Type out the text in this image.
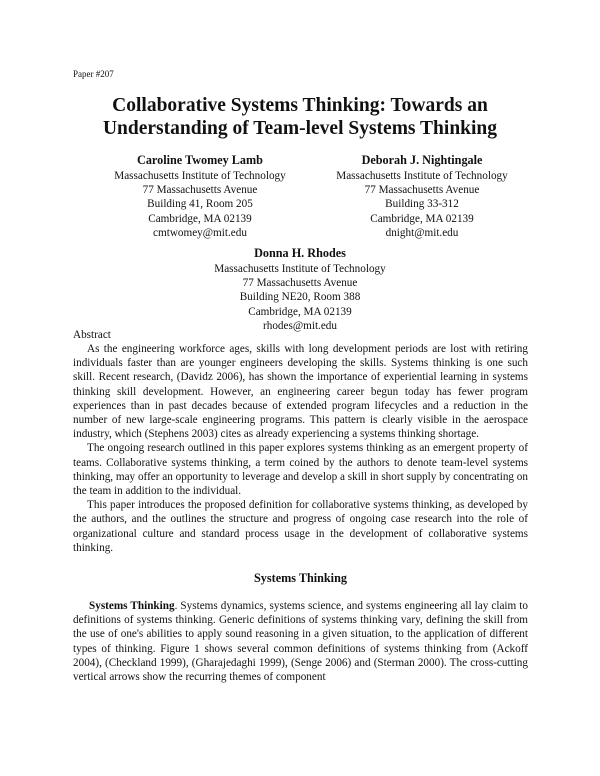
Paper #207
Collaborative Systems Thinking: Towards an
Understanding of Team-level Systems Thinking
Caroline Twomey Lamb
Massachusetts Institute of Technology
77 Massachusetts Avenue
Building 41, Room 205
Cambridge, MA 02139
cmtwomey@mit.edu
Deborah J. Nightingale
Massachusetts Institute of Technology
77 Massachusetts Avenue
Building 33-312
Cambridge, MA 02139
dnight@mit.edu
Donna H. Rhodes
Massachusetts Institute of Technology
77 Massachusetts Avenue
Building NE20, Room 388
Cambridge, MA 02139
rhodes@mit.edu
Abstract

As the engineering workforce ages, skills with long development periods are lost with retiring individuals faster than are younger engineers developing the skills. Systems thinking is one such skill. Recent research, (Davidz 2006), has shown the importance of experiential learning in systems thinking skill development. However, an engineering career begun today has fewer program experiences than in past decades because of extended program lifecycles and a reduction in the number of new large-scale engineering programs. This pattern is clearly visible in the aerospace industry, which (Stephens 2003) cites as already experiencing a systems thinking shortage.

The ongoing research outlined in this paper explores systems thinking as an emergent property of teams. Collaborative systems thinking, a term coined by the authors to denote team-level systems thinking, may offer an opportunity to leverage and develop a skill in short supply by concentrating on the team in addition to the individual.

This paper introduces the proposed definition for collaborative systems thinking, as developed by the authors, and the outlines the structure and progress of ongoing case research into the role of organizational culture and standard process usage in the development of collaborative systems thinking.

Systems Thinking

Systems Thinking. Systems dynamics, systems science, and systems engineering all lay claim to definitions of systems thinking. Generic definitions of systems thinking vary, defining the skill from the use of one's abilities to apply sound reasoning in a given situation, to the application of different types of thinking. Figure 1 shows several common definitions of systems thinking from (Ackoff 2004), (Checkland 1999), (Gharajedaghi 1999), (Senge 2006) and (Sterman 2000). The cross-cutting vertical arrows show the recurring themes of component
